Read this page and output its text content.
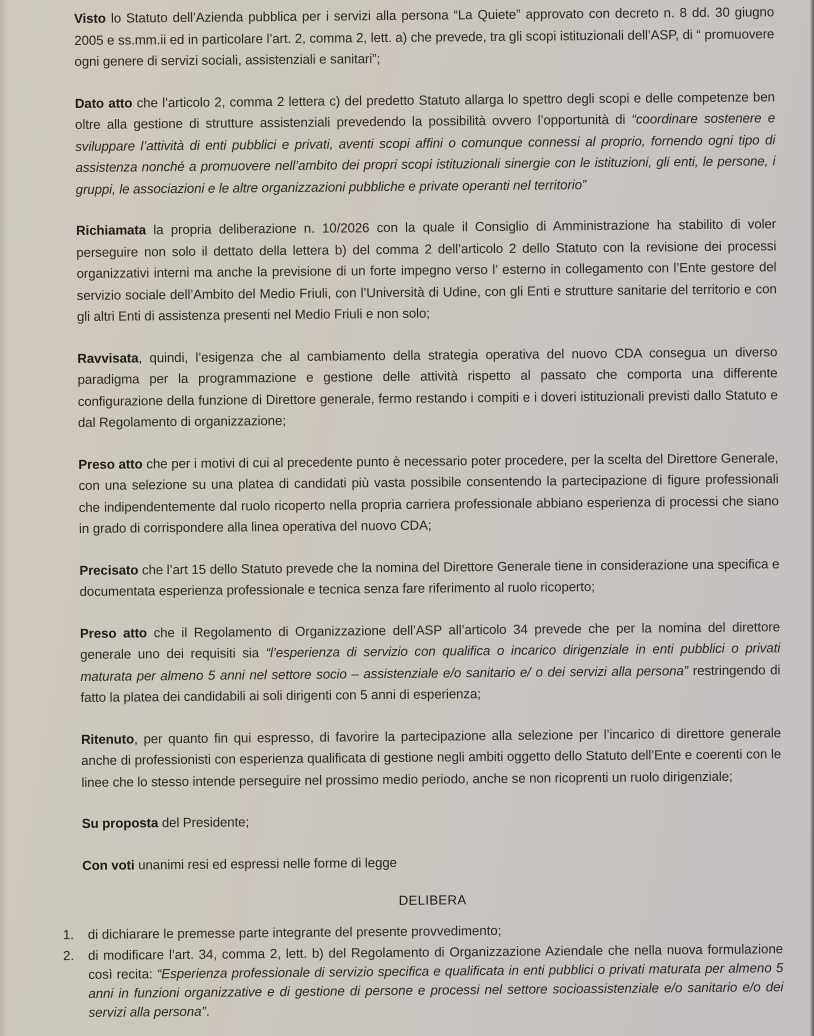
Visto lo Statuto dell’Azienda pubblica per i servizi alla persona “La Quiete” approvato con decreto n. 8 dd. 30 giugno 2005 e ss.mm.ii ed in particolare l’art. 2, comma 2, lett. a) che prevede, tra gli scopi istituzionali dell’ASP, di “ promuovere ogni genere di servizi sociali, assistenziali e sanitari”;

Dato atto che l’articolo 2, comma 2 lettera c) del predetto Statuto allarga lo spettro degli scopi e delle competenze ben oltre alla gestione di strutture assistenziali prevedendo la possibilità ovvero l’opportunità di “coordinare sostenere e sviluppare l’attività di enti pubblici e privati, aventi scopi affini o comunque connessi al proprio, fornendo ogni tipo di assistenza nonché a promuovere nell’ambito dei propri scopi istituzionali sinergie con le istituzioni, gli enti, le persone, i gruppi, le associazioni e le altre organizzazioni pubbliche e private operanti nel territorio”

Richiamata la propria deliberazione n. 10/2026 con la quale il Consiglio di Amministrazione ha stabilito di voler perseguire non solo il dettato della lettera b) del comma 2 dell’articolo 2 dello Statuto con la revisione dei processi organizzativi interni ma anche la previsione di un forte impegno verso l’ esterno in collegamento con l’Ente gestore del servizio sociale dell’Ambito del Medio Friuli, con l’Università di Udine, con gli Enti e strutture sanitarie del territorio e con gli altri Enti di assistenza presenti nel Medio Friuli e non solo;

Ravvisata, quindi, l’esigenza che al cambiamento della strategia operativa del nuovo CDA consegua un diverso paradigma per la programmazione e gestione delle attività rispetto al passato che comporta una differente configurazione della funzione di Direttore generale, fermo restando i compiti e i doveri istituzionali previsti dallo Statuto e dal Regolamento di organizzazione;

Preso atto che per i motivi di cui al precedente punto è necessario poter procedere, per la scelta del Direttore Generale, con una selezione su una platea di candidati più vasta possibile consentendo la partecipazione di figure professionali che indipendentemente dal ruolo ricoperto nella propria carriera professionale abbiano esperienza di processi che siano in grado di corrispondere alla linea operativa del nuovo CDA;

Precisato che l’art 15 dello Statuto prevede che la nomina del Direttore Generale tiene in considerazione una specifica e documentata esperienza professionale e tecnica senza fare riferimento al ruolo ricoperto;

Preso atto che il Regolamento di Organizzazione dell’ASP all’articolo 34 prevede che per la nomina del direttore generale uno dei requisiti sia “l’esperienza di servizio con qualifica o incarico dirigenziale in enti pubblici o privati maturata per almeno 5 anni nel settore socio – assistenziale e/o sanitario e/ o dei servizi alla persona” restringendo di fatto la platea dei candidabili ai soli dirigenti con 5 anni di esperienza;

Ritenuto, per quanto fin qui espresso, di favorire la partecipazione alla selezione per l’incarico di direttore generale anche di professionisti con esperienza qualificata di gestione negli ambiti oggetto dello Statuto dell’Ente e coerenti con le linee che lo stesso intende perseguire nel prossimo medio periodo, anche se non ricoprenti un ruolo dirigenziale;

Su proposta del Presidente;

Con voti unanimi resi ed espressi nelle forme di legge

DELIBERA
1. di dichiarare le premesse parte integrante del presente provvedimento;
2. di modificare l’art. 34, comma 2, lett. b) del Regolamento di Organizzazione Aziendale che nella nuova formulazione così recita: “Esperienza professionale di servizio specifica e qualificata in enti pubblici o privati maturata per almeno 5 anni in funzioni organizzative e di gestione di persone e processi nel settore socioassistenziale e/o sanitario e/o dei servizi alla persona”.
